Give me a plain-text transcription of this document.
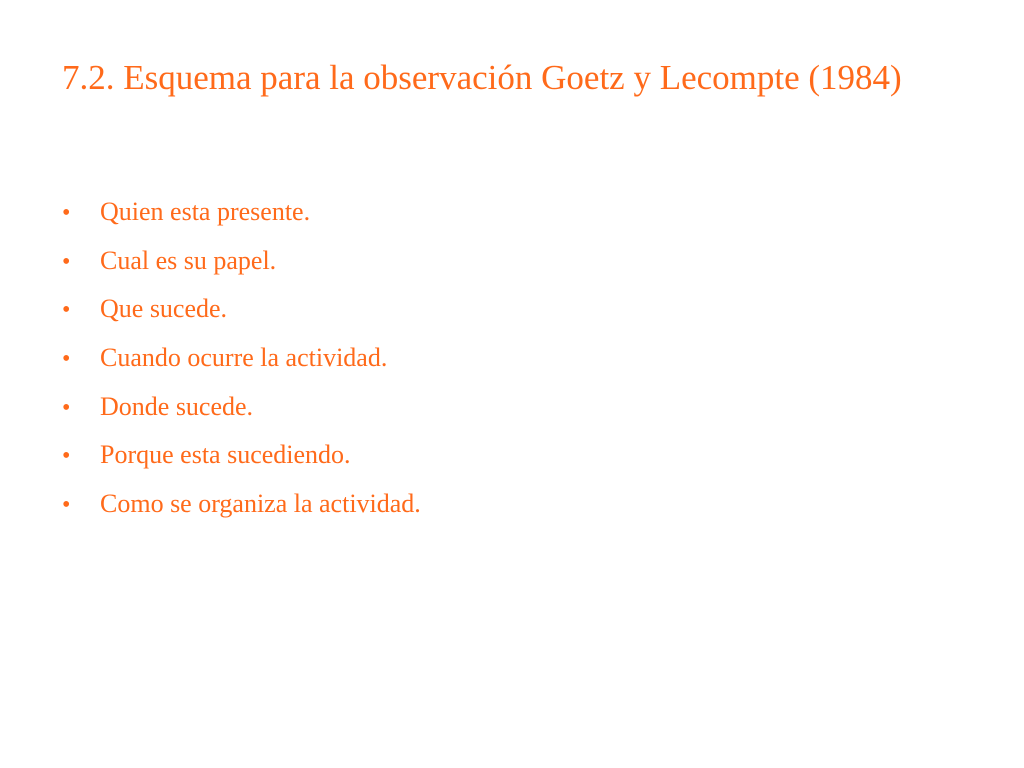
7.2. Esquema para la observación Goetz y Lecompte (1984)
•	Quien esta presente.
•	Cual es su papel.
•	Que sucede.
•	Cuando ocurre la actividad.
•	Donde sucede.
•	Porque esta sucediendo.
•	Como se organiza la actividad.
